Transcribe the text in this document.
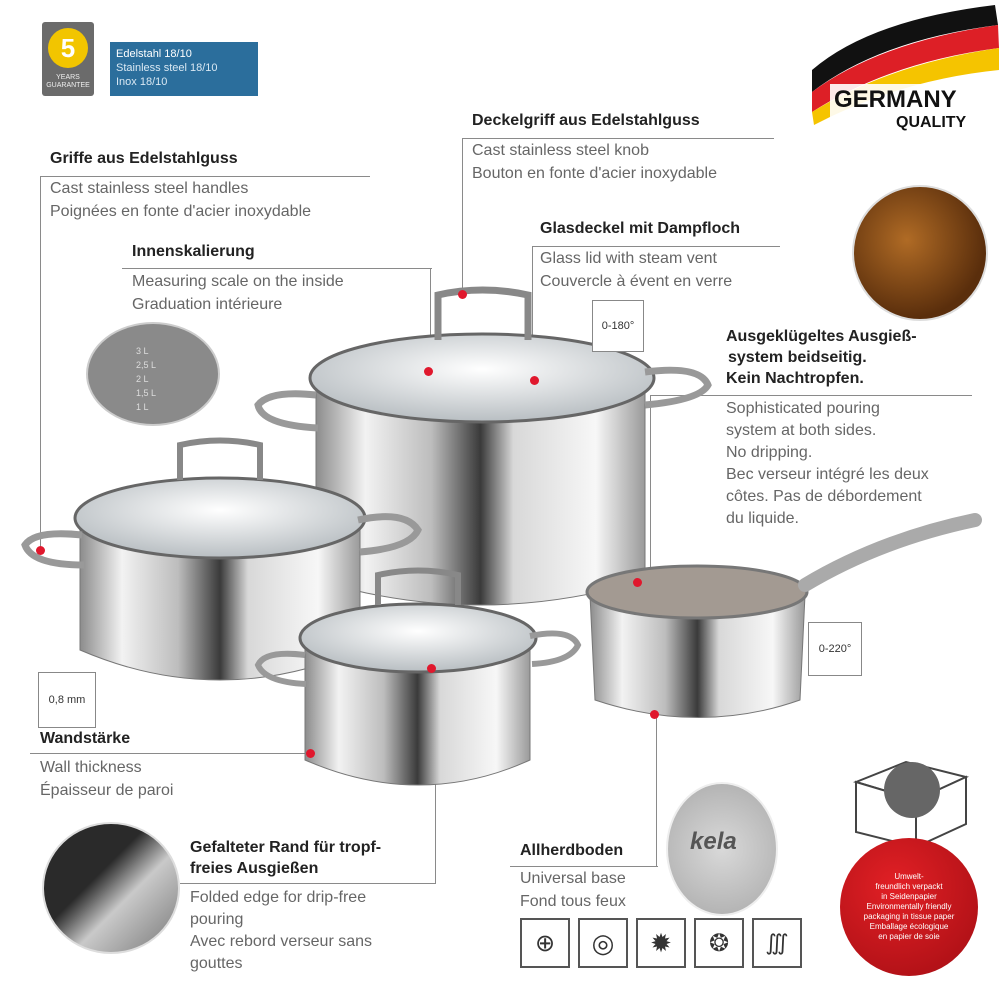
5
YEARS GUARANTEE
Edelstahl 18/10
Stainless steel 18/10
Inox 18/10
GERMANY
QUALITY
Griffe aus Edelstahlguss
Cast stainless steel handles
Poignées en fonte d'acier inoxydable
Deckelgriff aus Edelstahlguss
Cast stainless steel knob
Bouton en fonte d'acier inoxydable
Innenskalierung
Measuring scale on the inside
Graduation intérieure
Glasdeckel mit Dampfloch
Glass lid with steam vent
Couvercle à évent en verre
Ausgeklügeltes Ausgieß-
system beidseitig.
Kein Nachtropfen.
Sophisticated pouring
system at both sides.
No dripping.
Bec verseur intégré les deux
côtes. Pas de débordement
du liquide.
Wandstärke
Wall thickness
Épaisseur de paroi
Gefalteter Rand für tropf-
freies Ausgießen
Folded edge for drip-free
pouring
Avec rebord verseur sans
gouttes
Allherdboden
Universal base
Fond tous feux
0-180°
0-220°
0,8 mm
3 L
2,5 L
2 L
1,5 L
1 L
kela
⊕	◎	✹	❂	∭
Umwelt-
freundlich verpackt
in Seidenpapier
Environmentally friendly
packaging in tissue paper
Emballage écologique
en papier de soie
